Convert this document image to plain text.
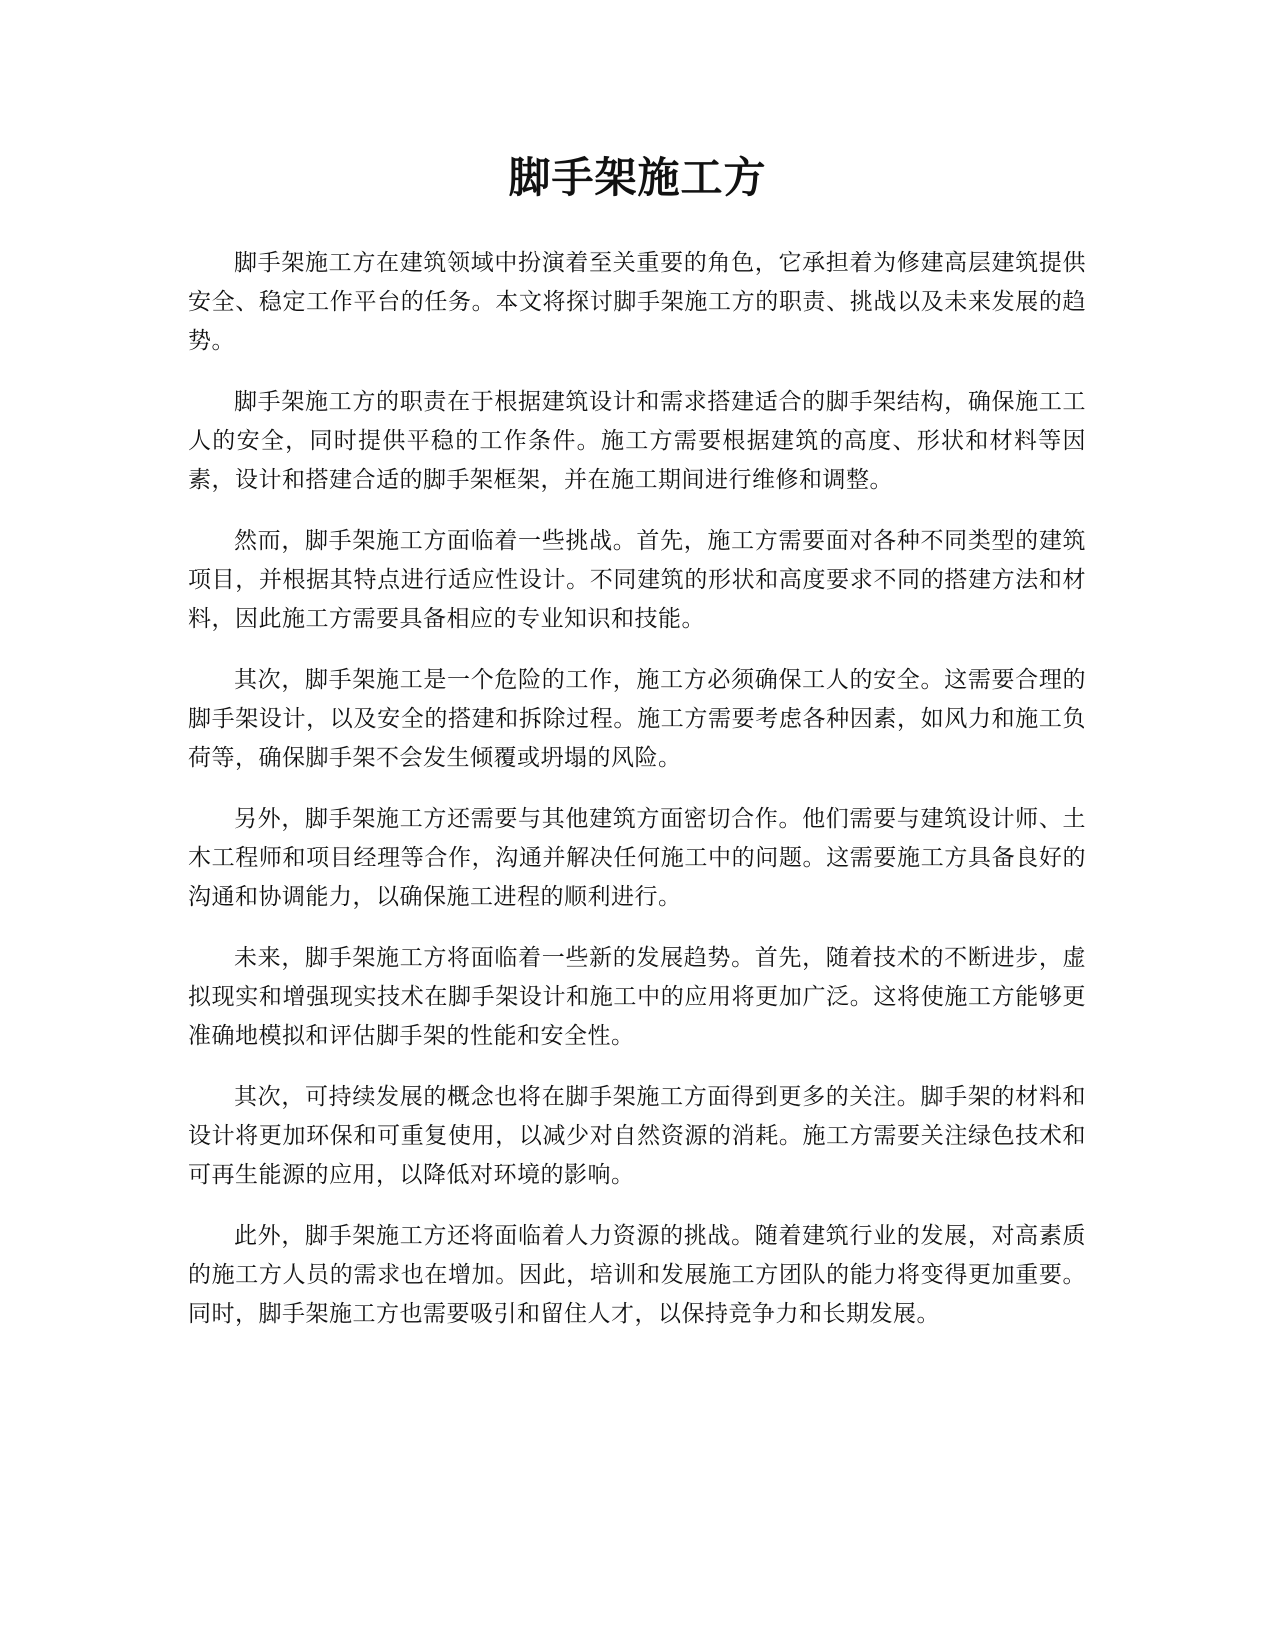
脚手架施工方

脚手架施工方在建筑领域中扮演着至关重要的角色，它承担着为修建高层建筑提供安全、稳定工作平台的任务。本文将探讨脚手架施工方的职责、挑战以及未来发展的趋势。

脚手架施工方的职责在于根据建筑设计和需求搭建适合的脚手架结构，确保施工工人的安全，同时提供平稳的工作条件。施工方需要根据建筑的高度、形状和材料等因素，设计和搭建合适的脚手架框架，并在施工期间进行维修和调整。

然而，脚手架施工方面临着一些挑战。首先，施工方需要面对各种不同类型的建筑项目，并根据其特点进行适应性设计。不同建筑的形状和高度要求不同的搭建方法和材料，因此施工方需要具备相应的专业知识和技能。

其次，脚手架施工是一个危险的工作，施工方必须确保工人的安全。这需要合理的脚手架设计，以及安全的搭建和拆除过程。施工方需要考虑各种因素，如风力和施工负荷等，确保脚手架不会发生倾覆或坍塌的风险。

另外，脚手架施工方还需要与其他建筑方面密切合作。他们需要与建筑设计师、土木工程师和项目经理等合作，沟通并解决任何施工中的问题。这需要施工方具备良好的沟通和协调能力，以确保施工进程的顺利进行。

未来，脚手架施工方将面临着一些新的发展趋势。首先，随着技术的不断进步，虚拟现实和增强现实技术在脚手架设计和施工中的应用将更加广泛。这将使施工方能够更准确地模拟和评估脚手架的性能和安全性。

其次，可持续发展的概念也将在脚手架施工方面得到更多的关注。脚手架的材料和设计将更加环保和可重复使用，以减少对自然资源的消耗。施工方需要关注绿色技术和可再生能源的应用，以降低对环境的影响。

此外，脚手架施工方还将面临着人力资源的挑战。随着建筑行业的发展，对高素质的施工方人员的需求也在增加。因此，培训和发展施工方团队的能力将变得更加重要。同时，脚手架施工方也需要吸引和留住人才，以保持竞争力和长期发展。
